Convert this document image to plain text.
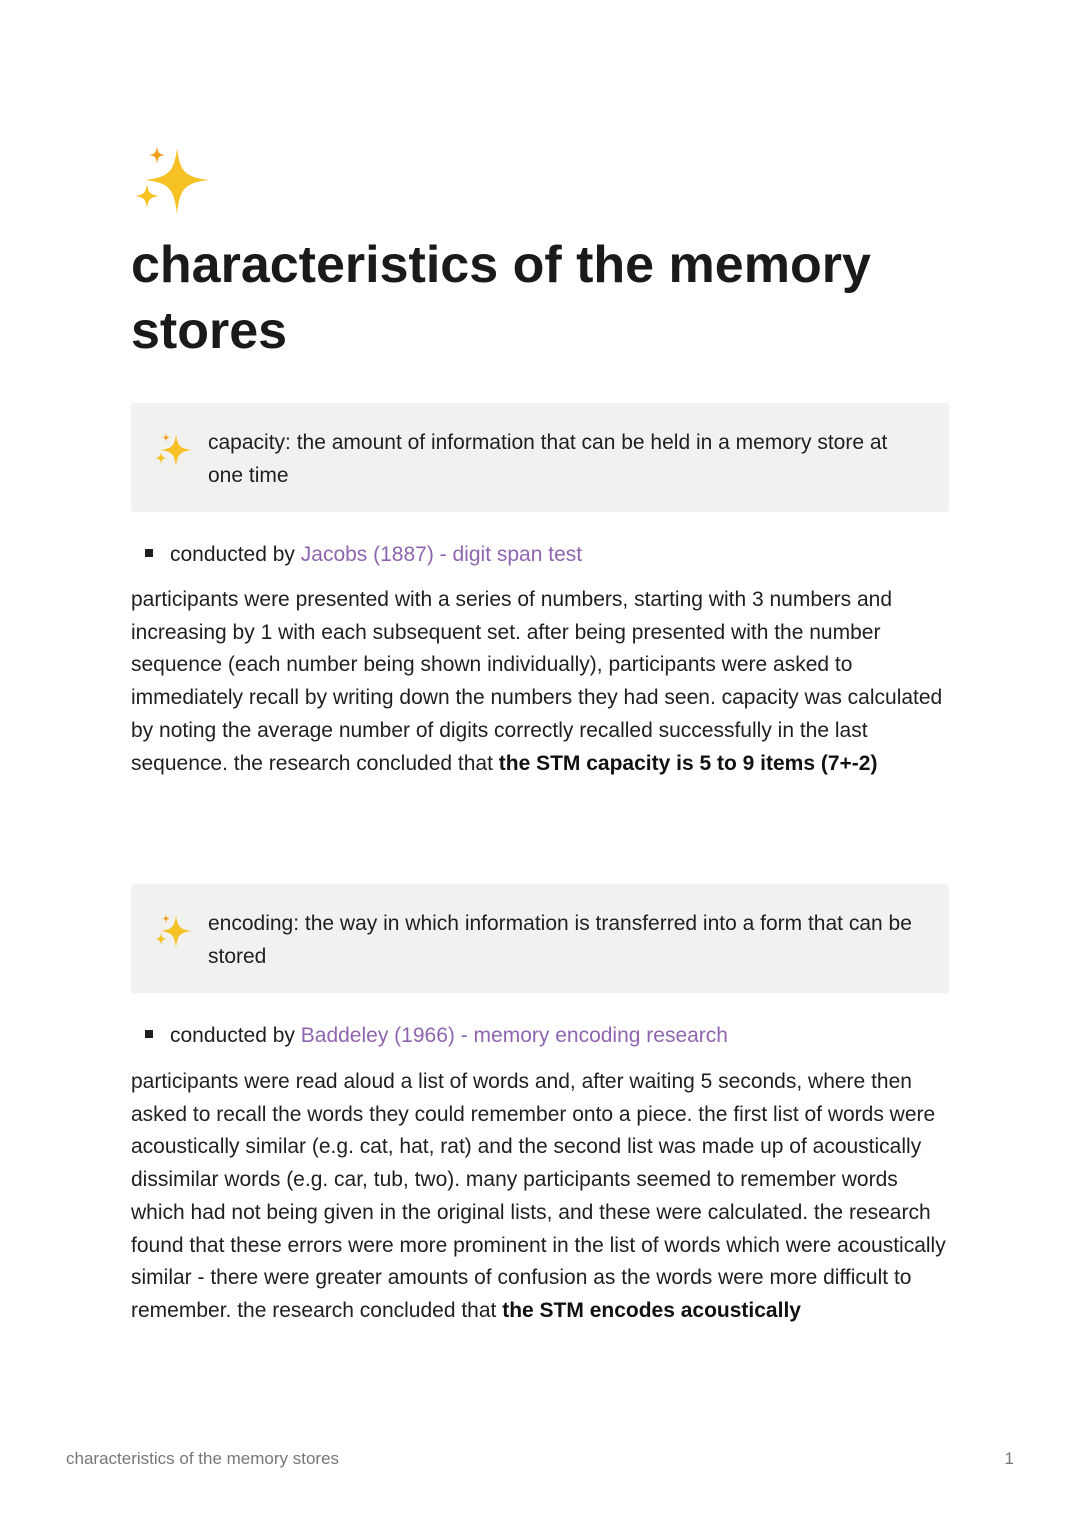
characteristics of the memory stores
capacity: the amount of information that can be held in a memory store at one time
conducted by Jacobs (1887) - digit span test

participants were presented with a series of numbers, starting with 3 numbers and increasing by 1 with each subsequent set. after being presented with the number sequence (each number being shown individually), participants were asked to immediately recall by writing down the numbers they had seen. capacity was calculated by noting the average number of digits correctly recalled successfully in the last sequence. the research concluded that the STM capacity is 5 to 9 items (7+-2)

encoding: the way in which information is transferred into a form that can be stored
conducted by Baddeley (1966) - memory encoding research

participants were read aloud a list of words and, after waiting 5 seconds, where then asked to recall the words they could remember onto a piece. the first list of words were acoustically similar (e.g. cat, hat, rat) and the second list was made up of acoustically dissimilar words (e.g. car, tub, two). many participants seemed to remember words which had not being given in the original lists, and these were calculated. the research found that these errors were more prominent in the list of words which were acoustically similar - there were greater amounts of confusion as the words were more difficult to remember. the research concluded that the STM encodes acoustically

characteristics of the memory stores	1
